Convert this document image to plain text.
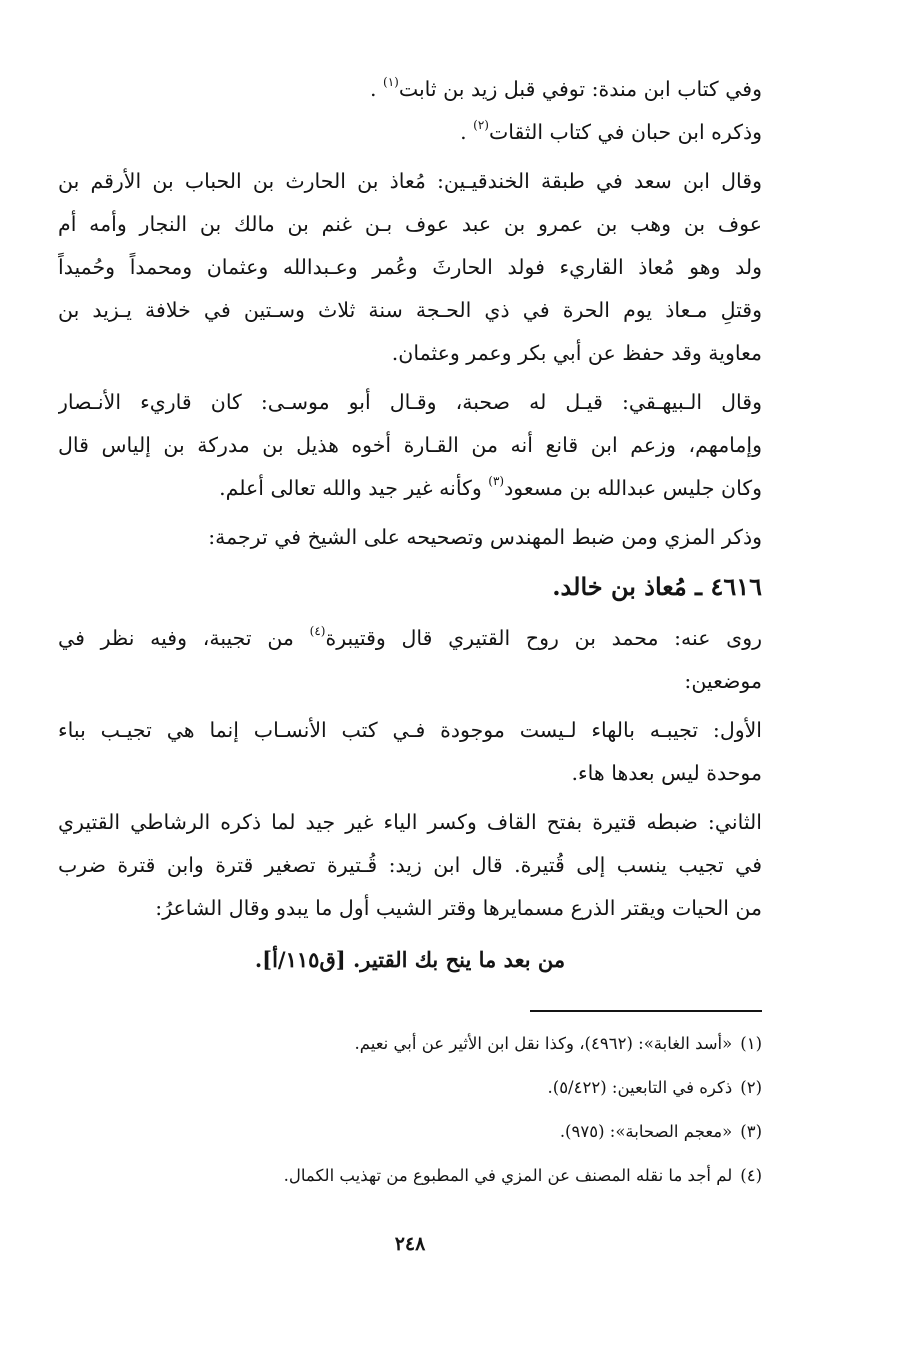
وفي كتاب ابن مندة: توفي قبل زيد بن ثابت$^{(١)}$ .
وذكره ابن حبان في كتاب الثقات$^{(٢)}$ .
وقال ابن سعد في طبقة الخندقيـين: مُعاذ بن الحارث بن الحباب بن الأرقم بن
عوف بن وهب بن عمرو بن عبد عوف بـن غنم بن مالك بن النجار وأمه أم
ولد وهو مُعاذ القاريء فولد الحارثَ وعُمر وعـبدالله وعثمان ومحمداً وحُميداً
وقتلِ مـعاذ يوم الحرة في ذي الحـجة سنة ثلاث وسـتين في خلافة يـزيد بن
معاوية وقد حفظ عن أبي بكر وعمر وعثمان.
وقال الـبيهـقي: قيـل له صحبة، وقـال أبو موسـى: كان قاريء الأنـصار
وإمامهم، وزعم ابن قانع أنه من القـارة أخوه هذيل بن مدركة بن إلياس قال
وكان جليس عبدالله بن مسعود$^{(٣)}$ وكأنه غير جيد والله تعالى أعلم.
وذكر المزي ومن ضبط المهندس وتصحيحه على الشيخ في ترجمة:
٤٦١٦ ـ مُعاذ بن خالد.
روى عنه: محمد بن روح القتيري قال وقتيبرة$^{(٤)}$ من تجيبة، وفيه نظر في
موضعين:
الأول: تجيبـه بالهاء لـيست موجودة فـي كتب الأنسـاب إنما هي تجيـب بباء
موحدة ليس بعدها هاء.
الثاني: ضبطه قتيرة بفتح القاف وكسر الياء غير جيد لما ذكره الرشاطي القتيري
في تجيب ينسب إلى قُتيرة. قال ابن زيد: قُـتيرة تصغير قترة وابن قترة ضرب
من الحيات ويقتر الذرع مسمايرها وقتر الشيب أول ما يبدو وقال الشاعرُ:
من بعد ما ينح بك القتير. [ق١١٥/أ].
(١)«أسد الغابة»: (٤٩٦٢)، وكذا نقل ابن الأثير عن أبي نعيم.
(٢)ذكره في التابعين: (٥/٤٢٢).
(٣)«معجم الصحابة»: (٩٧٥).
(٤)لم أجد ما نقله المصنف عن المزي في المطبوع من تهذيب الكمال.
٢٤٨
